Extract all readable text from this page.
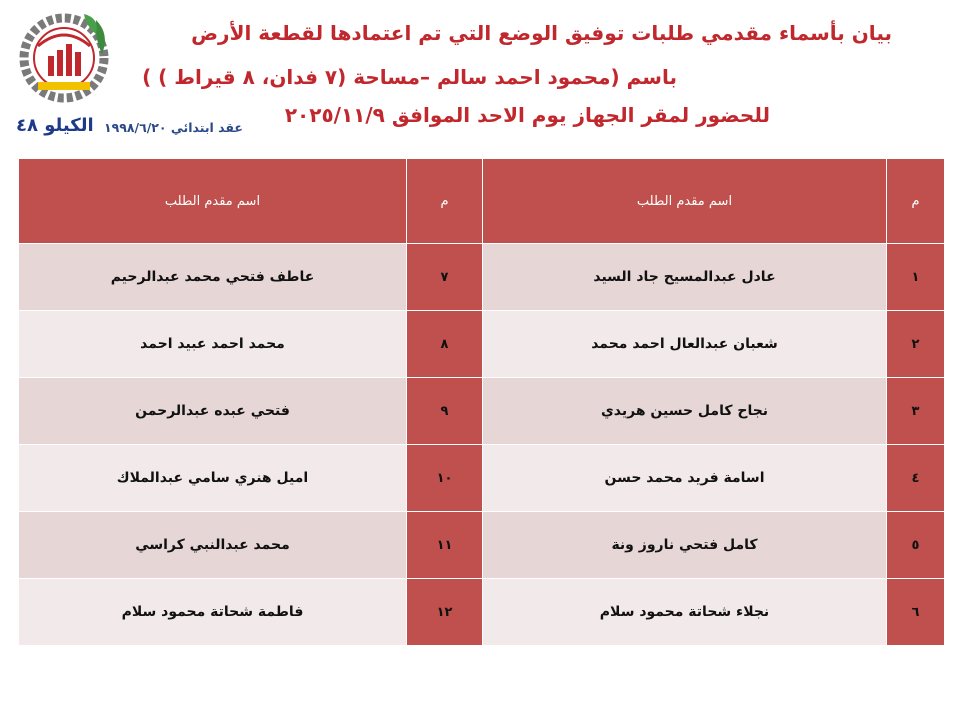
بيان بأسماء مقدمي طلبات توفيق الوضع التي تم اعتمادها لقطعة الأرض
باسم (محمود احمد سالم –مساحة (٧ فدان، ٨ قيراط ) )
للحضور لمقر الجهاز يوم الاحد الموافق ٢٠٢٥/١١/٩
عقد ابتدائي ١٩٩٨/٦/٢٠
الكيلو ٤٨
م	اسم مقدم الطلب	م	اسم مقدم الطلب
١	عادل عبدالمسيح جاد السيد	٧	عاطف فتحي محمد عبدالرحيم
٢	شعبان عبدالعال احمد محمد	٨	محمد احمد عبيد احمد
٣	نجاح كامل حسين هريدي	٩	فتحي عبده عبدالرحمن
٤	اسامة فريد محمد حسن	١٠	اميل هنري سامي عبدالملاك
٥	كامل فتحي ناروز ونة	١١	محمد عبدالنبي كراسي
٦	نجلاء شحاتة محمود سلام	١٢	فاطمة شحاتة محمود سلام
